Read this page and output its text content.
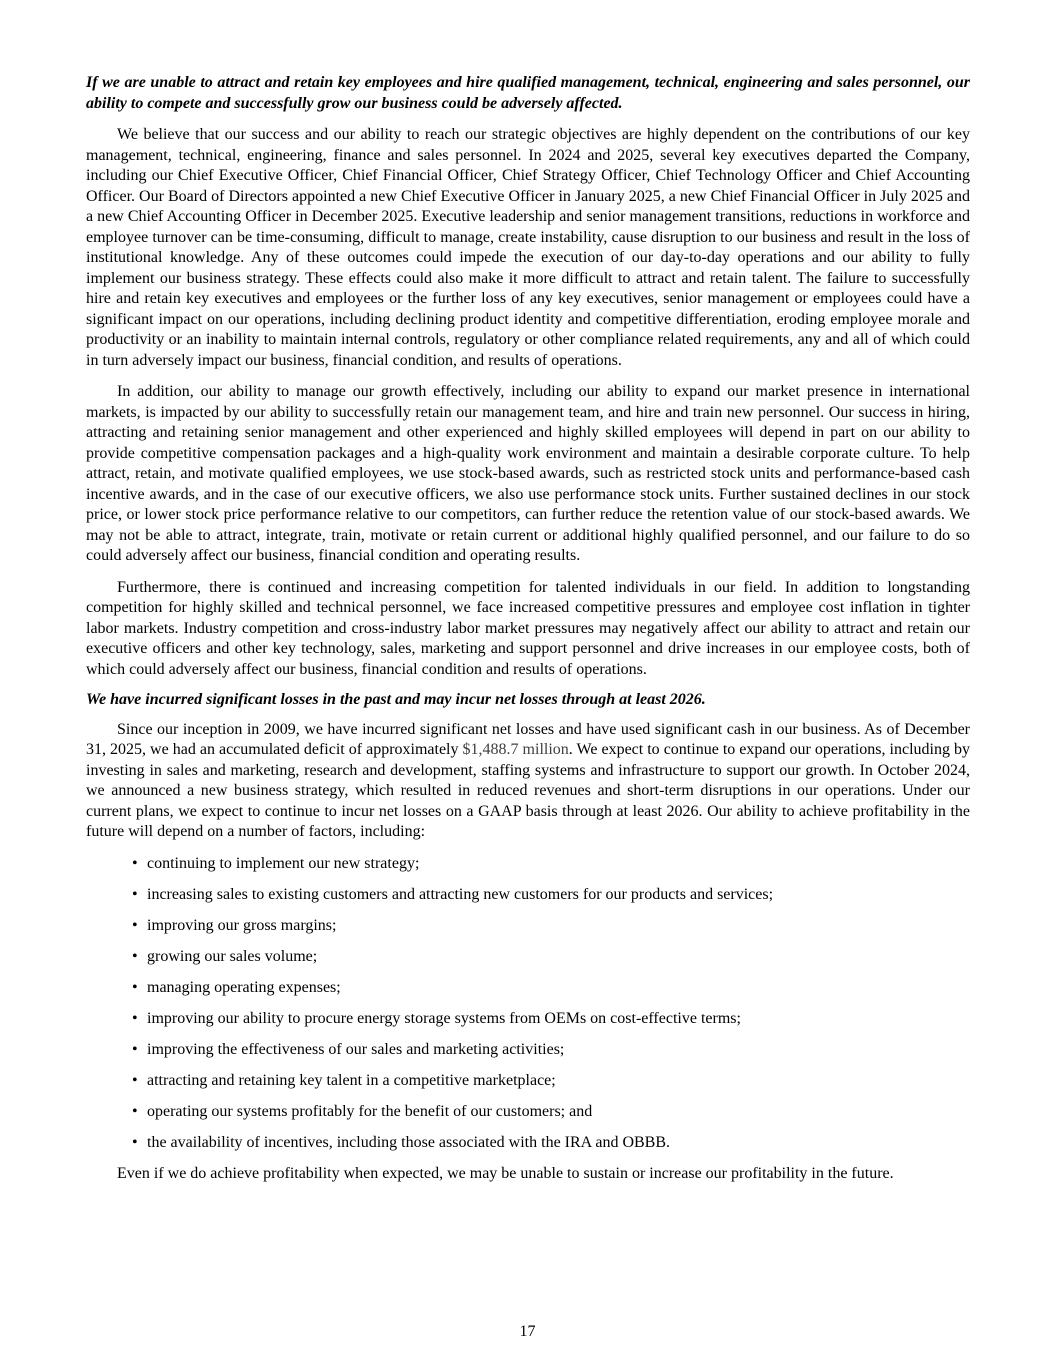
If we are unable to attract and retain key employees and hire qualified management, technical, engineering and sales personnel, our ability to compete and successfully grow our business could be adversely affected.

We believe that our success and our ability to reach our strategic objectives are highly dependent on the contributions of our key management, technical, engineering, finance and sales personnel. In 2024 and 2025, several key executives departed the Company, including our Chief Executive Officer, Chief Financial Officer, Chief Strategy Officer, Chief Technology Officer and Chief Accounting Officer. Our Board of Directors appointed a new Chief Executive Officer in January 2025, a new Chief Financial Officer in July 2025 and a new Chief Accounting Officer in December 2025. Executive leadership and senior management transitions, reductions in workforce and employee turnover can be time-consuming, difficult to manage, create instability, cause disruption to our business and result in the loss of institutional knowledge. Any of these outcomes could impede the execution of our day-to-day operations and our ability to fully implement our business strategy. These effects could also make it more difficult to attract and retain talent. The failure to successfully hire and retain key executives and employees or the further loss of any key executives, senior management or employees could have a significant impact on our operations, including declining product identity and competitive differentiation, eroding employee morale and productivity or an inability to maintain internal controls, regulatory or other compliance related requirements, any and all of which could in turn adversely impact our business, financial condition, and results of operations.

In addition, our ability to manage our growth effectively, including our ability to expand our market presence in international markets, is impacted by our ability to successfully retain our management team, and hire and train new personnel. Our success in hiring, attracting and retaining senior management and other experienced and highly skilled employees will depend in part on our ability to provide competitive compensation packages and a high-quality work environment and maintain a desirable corporate culture. To help attract, retain, and motivate qualified employees, we use stock-based awards, such as restricted stock units and performance-based cash incentive awards, and in the case of our executive officers, we also use performance stock units. Further sustained declines in our stock price, or lower stock price performance relative to our competitors, can further reduce the retention value of our stock-based awards. We may not be able to attract, integrate, train, motivate or retain current or additional highly qualified personnel, and our failure to do so could adversely affect our business, financial condition and operating results.

Furthermore, there is continued and increasing competition for talented individuals in our field. In addition to longstanding competition for highly skilled and technical personnel, we face increased competitive pressures and employee cost inflation in tighter labor markets. Industry competition and cross-industry labor market pressures may negatively affect our ability to attract and retain our executive officers and other key technology, sales, marketing and support personnel and drive increases in our employee costs, both of which could adversely affect our business, financial condition and results of operations.

We have incurred significant losses in the past and may incur net losses through at least 2026.

Since our inception in 2009, we have incurred significant net losses and have used significant cash in our business. As of December 31, 2025, we had an accumulated deficit of approximately $1,488.7 million. We expect to continue to expand our operations, including by investing in sales and marketing, research and development, staffing systems and infrastructure to support our growth. In October 2024, we announced a new business strategy, which resulted in reduced revenues and short-term disruptions in our operations. Under our current plans, we expect to continue to incur net losses on a GAAP basis through at least 2026. Our ability to achieve profitability in the future will depend on a number of factors, including:

• continuing to implement our new strategy;
• increasing sales to existing customers and attracting new customers for our products and services;
• improving our gross margins;
• growing our sales volume;
• managing operating expenses;
• improving our ability to procure energy storage systems from OEMs on cost-effective terms;
• improving the effectiveness of our sales and marketing activities;
• attracting and retaining key talent in a competitive marketplace;
• operating our systems profitably for the benefit of our customers; and
• the availability of incentives, including those associated with the IRA and OBBB.

Even if we do achieve profitability when expected, we may be unable to sustain or increase our profitability in the future.

17
